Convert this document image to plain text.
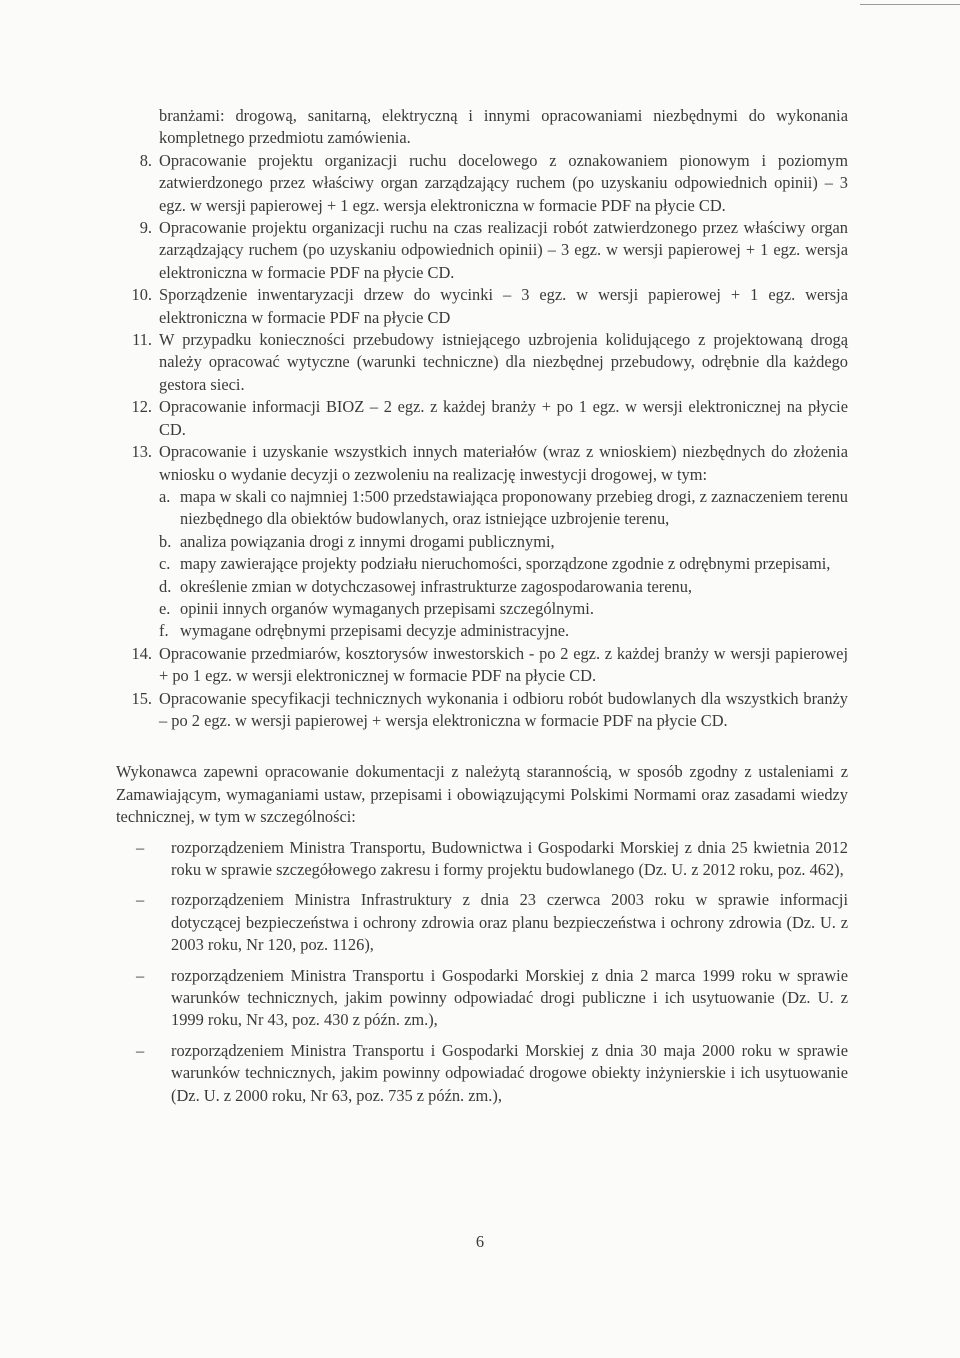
branżami: drogową, sanitarną, elektryczną i innymi opracowaniami niezbędnymi do wykonania kompletnego przedmiotu zamówienia.

8. Opracowanie projektu organizacji ruchu docelowego z oznakowaniem pionowym i poziomym zatwierdzonego przez właściwy organ zarządzający ruchem (po uzyskaniu odpowiednich opinii) – 3 egz. w wersji papierowej + 1 egz. wersja elektroniczna w formacie PDF na płycie CD.
9. Opracowanie projektu organizacji ruchu na czas realizacji robót zatwierdzonego przez właściwy organ zarządzający ruchem (po uzyskaniu odpowiednich opinii) – 3 egz. w wersji papierowej + 1 egz. wersja elektroniczna w formacie PDF na płycie CD.
10. Sporządzenie inwentaryzacji drzew do wycinki – 3 egz. w wersji papierowej + 1 egz. wersja elektroniczna w formacie PDF na płycie CD
11. W przypadku konieczności przebudowy istniejącego uzbrojenia kolidującego z projektowaną drogą należy opracować wytyczne (warunki techniczne) dla niezbędnej przebudowy, odrębnie dla każdego gestora sieci.
12. Opracowanie informacji BIOZ – 2 egz. z każdej branży + po 1 egz. w wersji elektronicznej na płycie CD.
13. Opracowanie i uzyskanie wszystkich innych materiałów (wraz z wnioskiem) niezbędnych do złożenia wniosku o wydanie decyzji o zezwoleniu na realizację inwestycji drogowej, w tym:
a. mapa w skali co najmniej 1:500 przedstawiająca proponowany przebieg drogi, z zaznaczeniem terenu niezbędnego dla obiektów budowlanych, oraz istniejące uzbrojenie terenu,
b. analiza powiązania drogi z innymi drogami publicznymi,
c. mapy zawierające projekty podziału nieruchomości, sporządzone zgodnie z odrębnymi przepisami,
d. określenie zmian w dotychczasowej infrastrukturze zagospodarowania terenu,
e. opinii innych organów wymaganych przepisami szczególnymi.
f. wymagane odrębnymi przepisami decyzje administracyjne.
14. Opracowanie przedmiarów, kosztorysów inwestorskich - po 2 egz. z każdej branży w wersji papierowej + po 1 egz. w wersji elektronicznej w formacie PDF na płycie CD.
15. Opracowanie specyfikacji technicznych wykonania i odbioru robót budowlanych dla wszystkich branży – po 2 egz. w wersji papierowej + wersja elektroniczna w formacie PDF na płycie CD.

Wykonawca zapewni opracowanie dokumentacji z należytą starannością, w sposób zgodny z ustaleniami z Zamawiającym, wymaganiami ustaw, przepisami i obowiązującymi Polskimi Normami oraz zasadami wiedzy technicznej, w tym w szczególności:

– rozporządzeniem Ministra Transportu, Budownictwa i Gospodarki Morskiej z dnia 25 kwietnia 2012 roku w sprawie szczegółowego zakresu i formy projektu budowlanego (Dz. U. z 2012 roku, poz. 462),
– rozporządzeniem Ministra Infrastruktury z dnia 23 czerwca 2003 roku w sprawie informacji dotyczącej bezpieczeństwa i ochrony zdrowia oraz planu bezpieczeństwa i ochrony zdrowia (Dz. U. z 2003 roku, Nr 120, poz. 1126),
– rozporządzeniem Ministra Transportu i Gospodarki Morskiej z dnia 2 marca 1999 roku w sprawie warunków technicznych, jakim powinny odpowiadać drogi publiczne i ich usytuowanie (Dz. U. z 1999 roku, Nr 43, poz. 430 z późn. zm.),
– rozporządzeniem Ministra Transportu i Gospodarki Morskiej z dnia 30 maja 2000 roku w sprawie warunków technicznych, jakim powinny odpowiadać drogowe obiekty inżynierskie i ich usytuowanie (Dz. U. z 2000 roku, Nr 63, poz. 735 z późn. zm.),
6
